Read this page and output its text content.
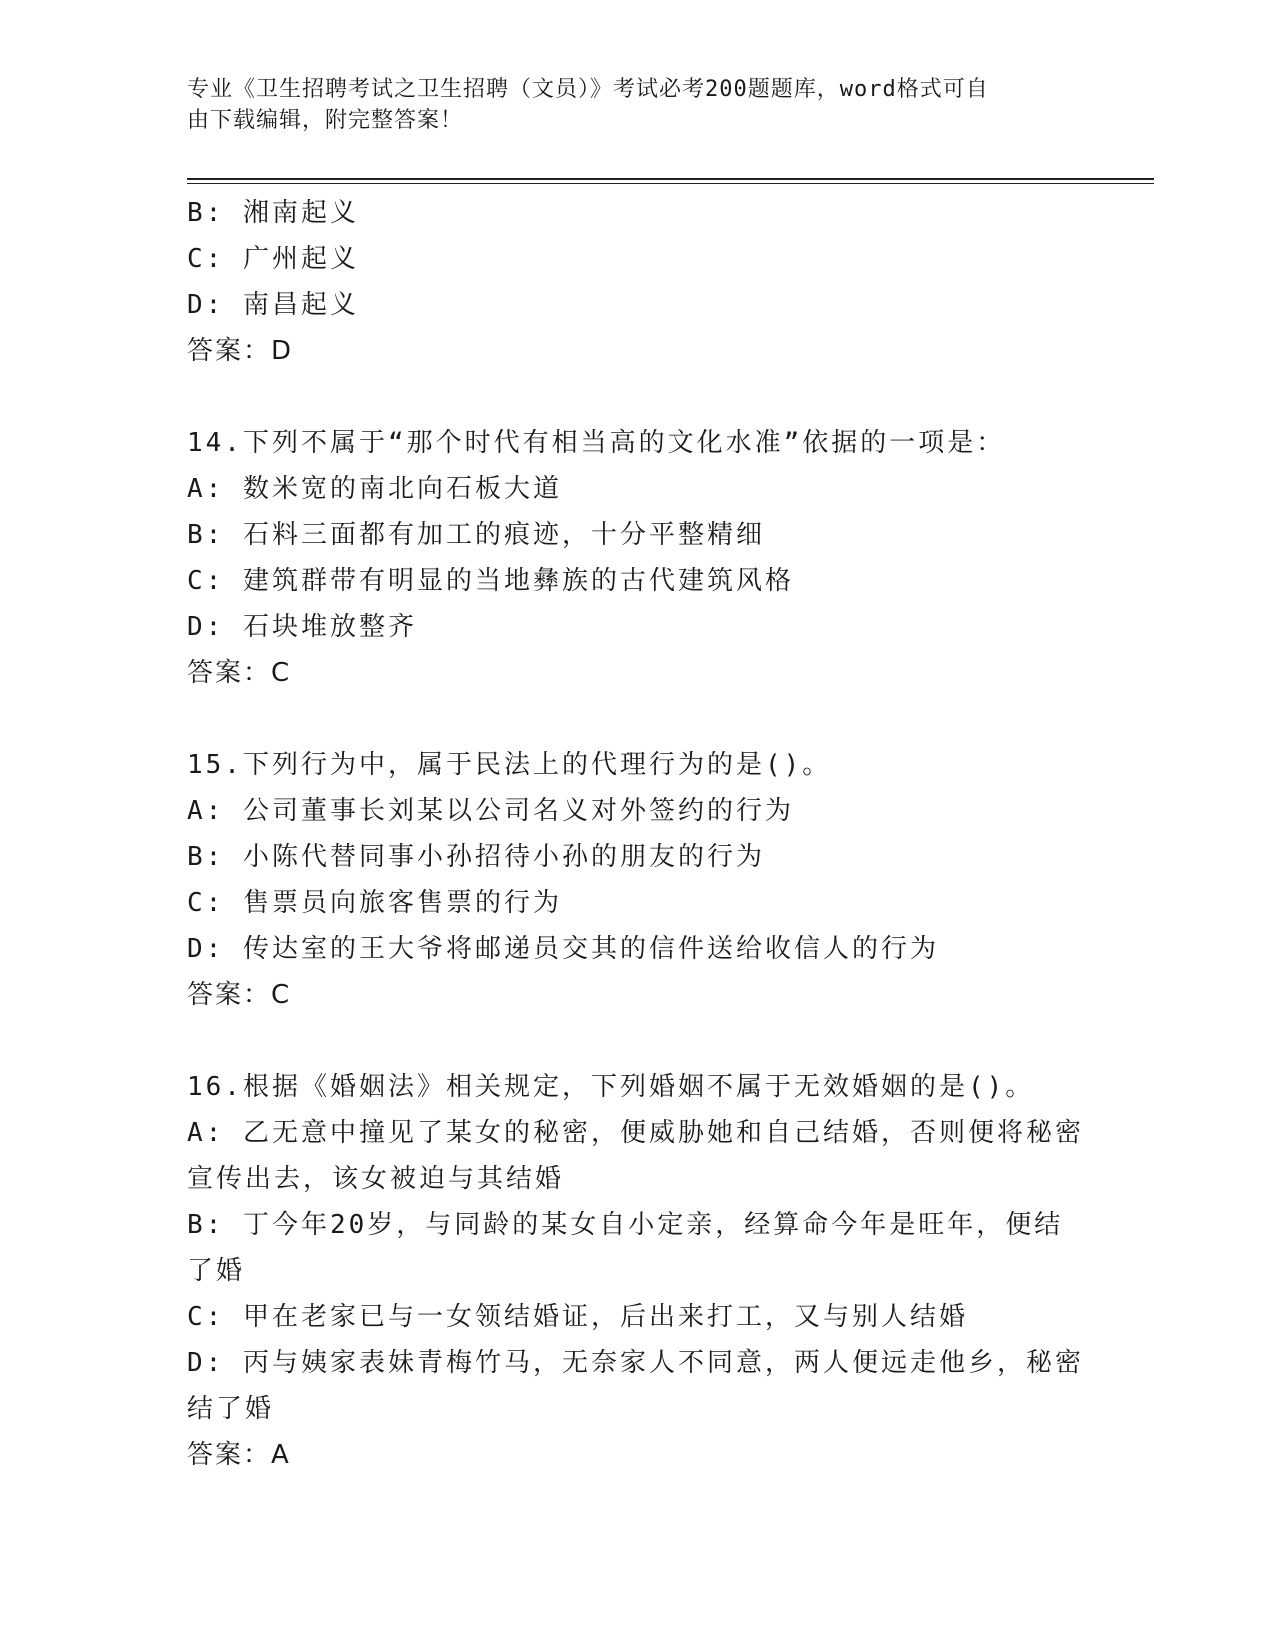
专业《卫生招聘考试之卫生招聘（文员）》考试必考200题题库，word格式可自
由下载编辑，附完整答案！
B: 湘南起义
C: 广州起义
D: 南昌起义
答案：D
14.下列不属于“那个时代有相当高的文化水准”依据的一项是：
A: 数米宽的南北向石板大道
B: 石料三面都有加工的痕迹，十分平整精细
C: 建筑群带有明显的当地彝族的古代建筑风格
D: 石块堆放整齐
答案：C
15.下列行为中，属于民法上的代理行为的是()。
A: 公司董事长刘某以公司名义对外签约的行为
B: 小陈代替同事小孙招待小孙的朋友的行为
C: 售票员向旅客售票的行为
D: 传达室的王大爷将邮递员交其的信件送给收信人的行为
答案：C
16.根据《婚姻法》相关规定，下列婚姻不属于无效婚姻的是()。
A: 乙无意中撞见了某女的秘密，便威胁她和自己结婚，否则便将秘密
宣传出去，该女被迫与其结婚
B: 丁今年20岁，与同龄的某女自小定亲，经算命今年是旺年，便结
了婚
C: 甲在老家已与一女领结婚证，后出来打工，又与别人结婚
D: 丙与姨家表妹青梅竹马，无奈家人不同意，两人便远走他乡，秘密
结了婚
答案：A
